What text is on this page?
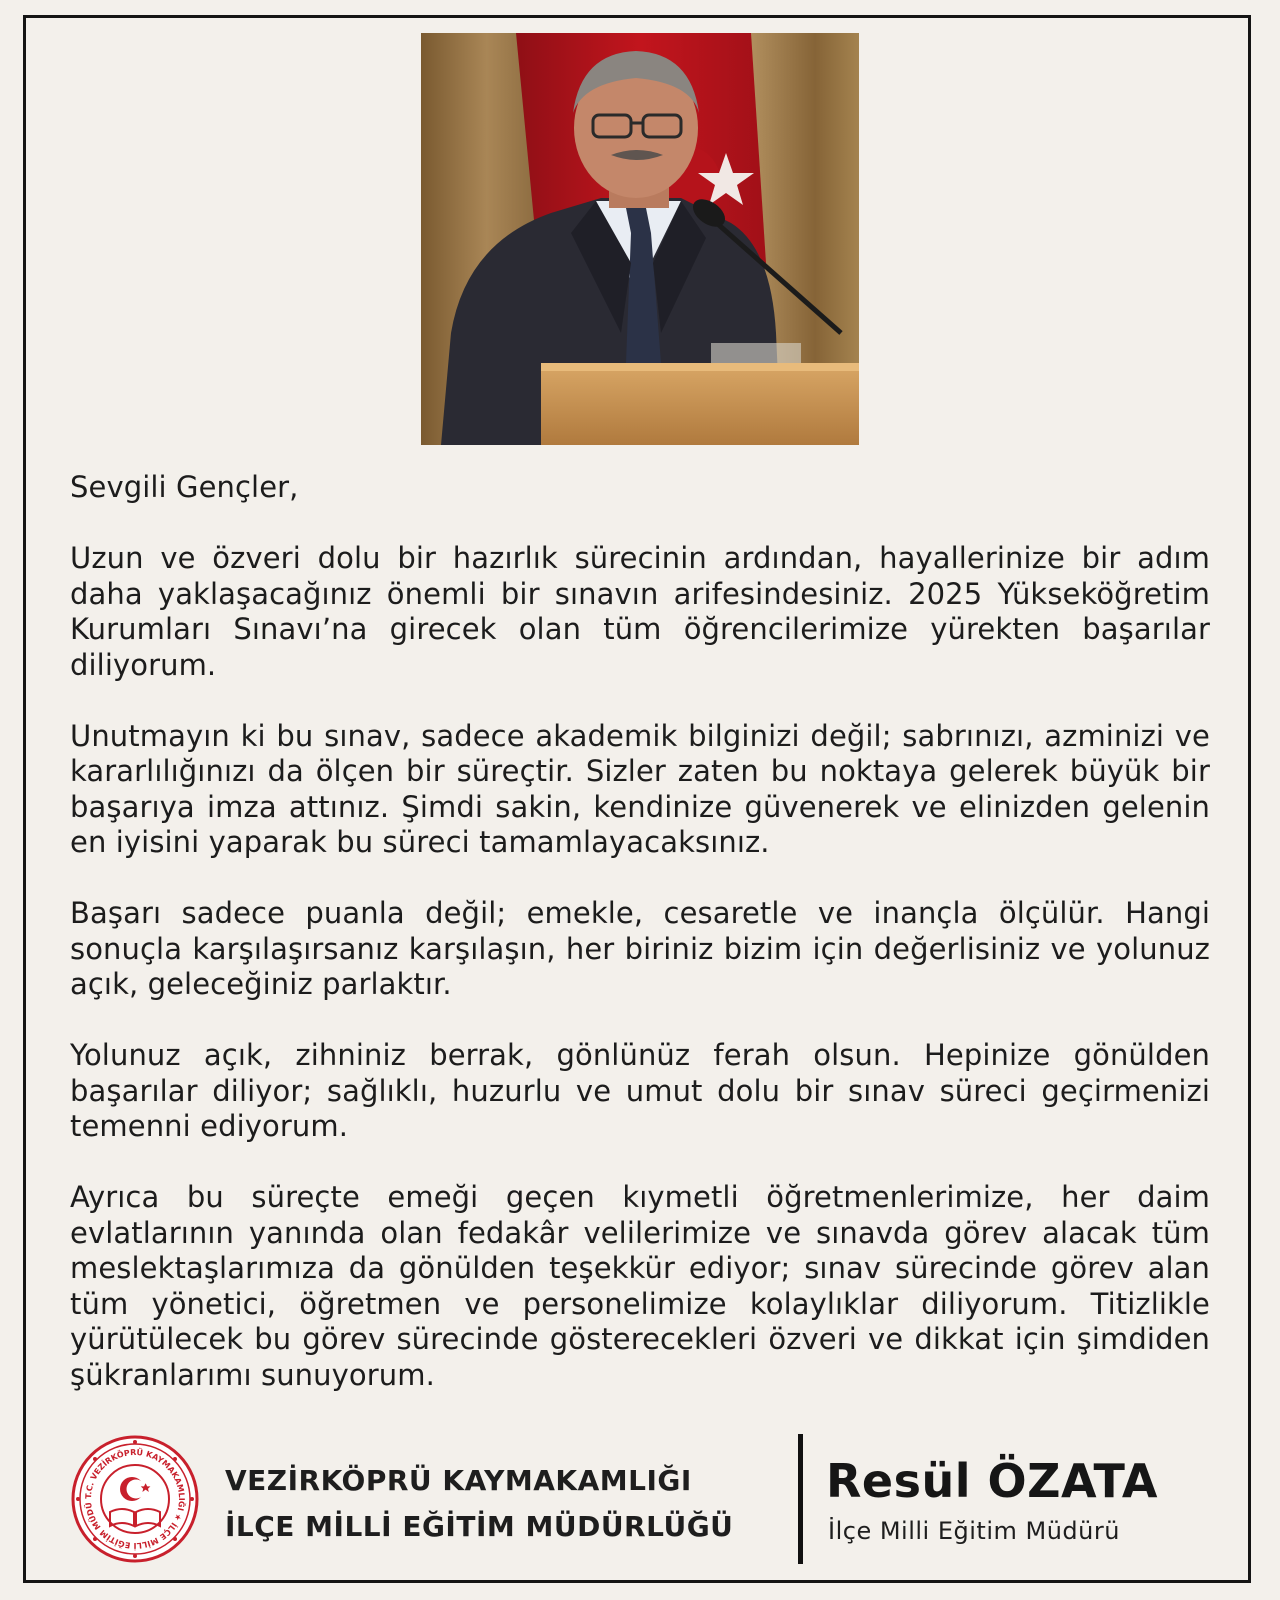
Sevgili Gençler,

Uzun ve özveri dolu bir hazırlık sürecinin ardından, hayallerinize bir adım daha yaklaşacağınız önemli bir sınavın arifesindesiniz. 2025 Yükseköğretim Kurumları Sınavı’na girecek olan tüm öğrencilerimize yürekten başarılar diliyorum.

Unutmayın ki bu sınav, sadece akademik bilginizi değil; sabrınızı, azminizi ve kararlılığınızı da ölçen bir süreçtir. Sizler zaten bu noktaya gelerek büyük bir başarıya imza attınız. Şimdi sakin, kendinize güvenerek ve elinizden gelenin en iyisini yaparak bu süreci tamamlayacaksınız.

Başarı sadece puanla değil; emekle, cesaretle ve inançla ölçülür. Hangi sonuçla karşılaşırsanız karşılaşın, her biriniz bizim için değerlisiniz ve yolunuz açık, geleceğiniz parlaktır.

Yolunuz açık, zihniniz berrak, gönlünüz ferah olsun. Hepinize gönülden başarılar diliyor; sağlıklı, huzurlu ve umut dolu bir sınav süreci geçirmenizi temenni ediyorum.

Ayrıca bu süreçte emeği geçen kıymetli öğretmenlerimize, her daim evlatlarının yanında olan fedakâr velilerimize ve sınavda görev alacak tüm meslektaşlarımıza da gönülden teşekkür ediyor; sınav sürecinde görev alan tüm yönetici, öğretmen ve personelimize kolaylıklar diliyorum. Titizlikle yürütülecek bu görev sürecinde gösterecekleri özveri ve dikkat için şimdiden şükranlarımı sunuyorum.

T.C. VEZİRKÖPRÜ KAYMAKAMLIĞI ★ İLÇE MİLLİ EĞİTİM MÜDÜ
VEZİRKÖPRÜ KAYMAKAMLIĞI
İLÇE MİLLİ EĞİTİM MÜDÜRLÜĞÜ
Resül ÖZATA
İlçe Milli Eğitim Müdürü
